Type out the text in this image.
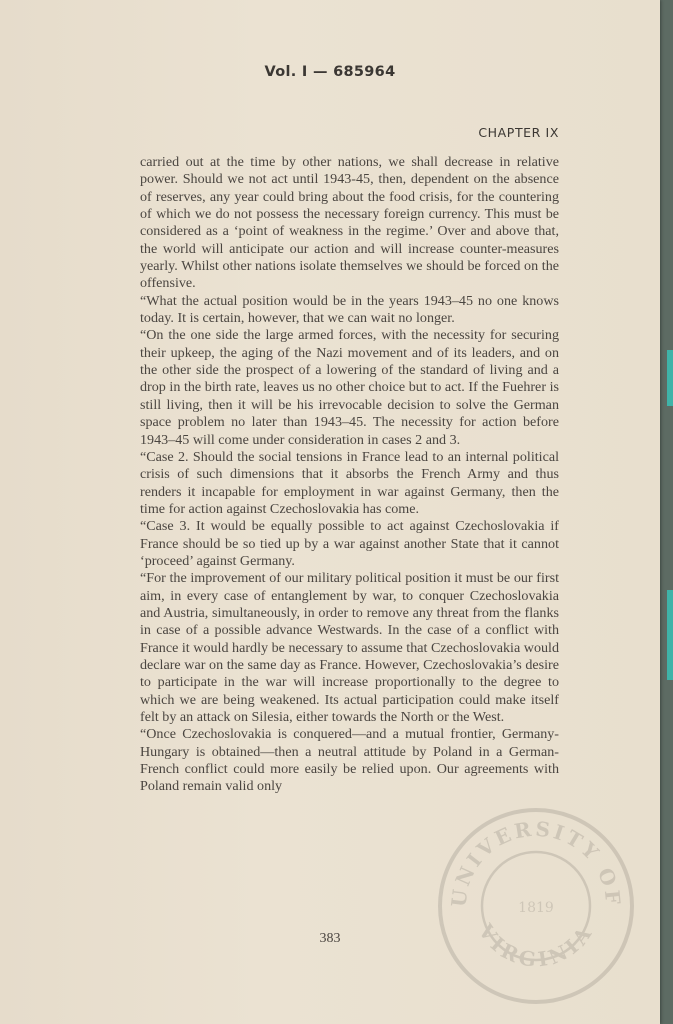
Vol. I — 685964
CHAPTER IX

carried out at the time by other nations, we shall decrease in relative power. Should we not act until 1943-45, then, dependent on the absence of reserves, any year could bring about the food crisis, for the countering of which we do not possess the necessary foreign currency. This must be considered as a ‘point of weakness in the regime.’ Over and above that, the world will anticipate our action and will increase counter-measures yearly. Whilst other nations isolate themselves we should be forced on the offensive.

“What the actual position would be in the years 1943–45 no one knows today. It is certain, however, that we can wait no longer.

“On the one side the large armed forces, with the necessity for securing their upkeep, the aging of the Nazi movement and of its leaders, and on the other side the prospect of a lowering of the standard of living and a drop in the birth rate, leaves us no other choice but to act. If the Fuehrer is still living, then it will be his irrevocable decision to solve the German space problem no later than 1943–45. The necessity for action before 1943–45 will come under consideration in cases 2 and 3.

“Case 2. Should the social tensions in France lead to an internal political crisis of such dimensions that it absorbs the French Army and thus renders it incapable for employment in war against Germany, then the time for action against Czechoslovakia has come.

“Case 3. It would be equally possible to act against Czechoslovakia if France should be so tied up by a war against another State that it cannot ‘proceed’ against Germany.

“For the improvement of our military political position it must be our first aim, in every case of entanglement by war, to conquer Czechoslovakia and Austria, simultaneously, in order to remove any threat from the flanks in case of a possible advance Westwards. In the case of a conflict with France it would hardly be necessary to assume that Czechoslovakia would declare war on the same day as France. However, Czechoslovakia’s desire to participate in the war will increase proportionally to the degree to which we are being weakened. Its actual participation could make itself felt by an attack on Silesia, either towards the North or the West.

“Once Czechoslovakia is conquered—and a mutual frontier, Germany-Hungary is obtained—then a neutral attitude by Poland in a German-French conflict could more easily be relied upon. Our agreements with Poland remain valid only

383
UNIVERSITY OF
VIRGINIA
1819
